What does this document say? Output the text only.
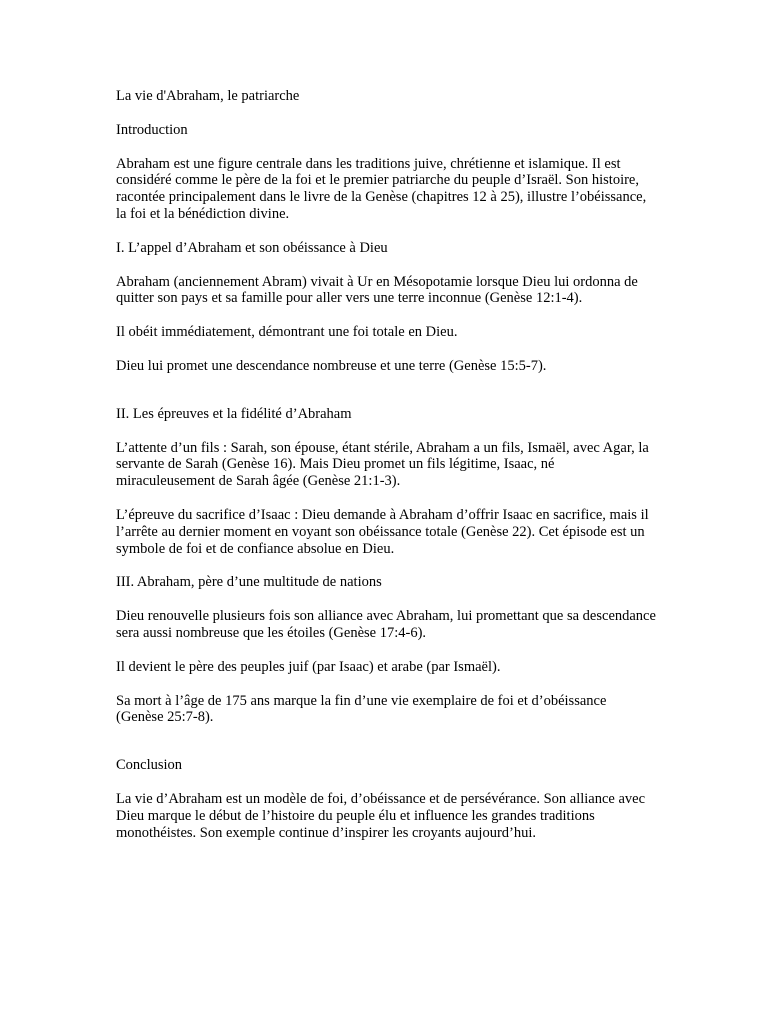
La vie d'Abraham, le patriarche

Introduction

Abraham est une figure centrale dans les traditions juive, chrétienne et islamique. Il est considéré comme le père de la foi et le premier patriarche du peuple d’Israël. Son histoire, racontée principalement dans le livre de la Genèse (chapitres 12 à 25), illustre l’obéissance, la foi et la bénédiction divine.

I. L’appel d’Abraham et son obéissance à Dieu

Abraham (anciennement Abram) vivait à Ur en Mésopotamie lorsque Dieu lui ordonna de quitter son pays et sa famille pour aller vers une terre inconnue (Genèse 12:1-4).

Il obéit immédiatement, démontrant une foi totale en Dieu.

Dieu lui promet une descendance nombreuse et une terre (Genèse 15:5-7).

II. Les épreuves et la fidélité d’Abraham

L’attente d’un fils : Sarah, son épouse, étant stérile, Abraham a un fils, Ismaël, avec Agar, la servante de Sarah (Genèse 16). Mais Dieu promet un fils légitime, Isaac, né miraculeusement de Sarah âgée (Genèse 21:1-3).

L’épreuve du sacrifice d’Isaac : Dieu demande à Abraham d’offrir Isaac en sacrifice, mais il l’arrête au dernier moment en voyant son obéissance totale (Genèse 22). Cet épisode est un symbole de foi et de confiance absolue en Dieu.

III. Abraham, père d’une multitude de nations

Dieu renouvelle plusieurs fois son alliance avec Abraham, lui promettant que sa descendance sera aussi nombreuse que les étoiles (Genèse 17:4-6).

Il devient le père des peuples juif (par Isaac) et arabe (par Ismaël).

Sa mort à l’âge de 175 ans marque la fin d’une vie exemplaire de foi et d’obéissance (Genèse 25:7-8).

Conclusion

La vie d’Abraham est un modèle de foi, d’obéissance et de persévérance. Son alliance avec Dieu marque le début de l’histoire du peuple élu et influence les grandes traditions monothéistes. Son exemple continue d’inspirer les croyants aujourd’hui.
